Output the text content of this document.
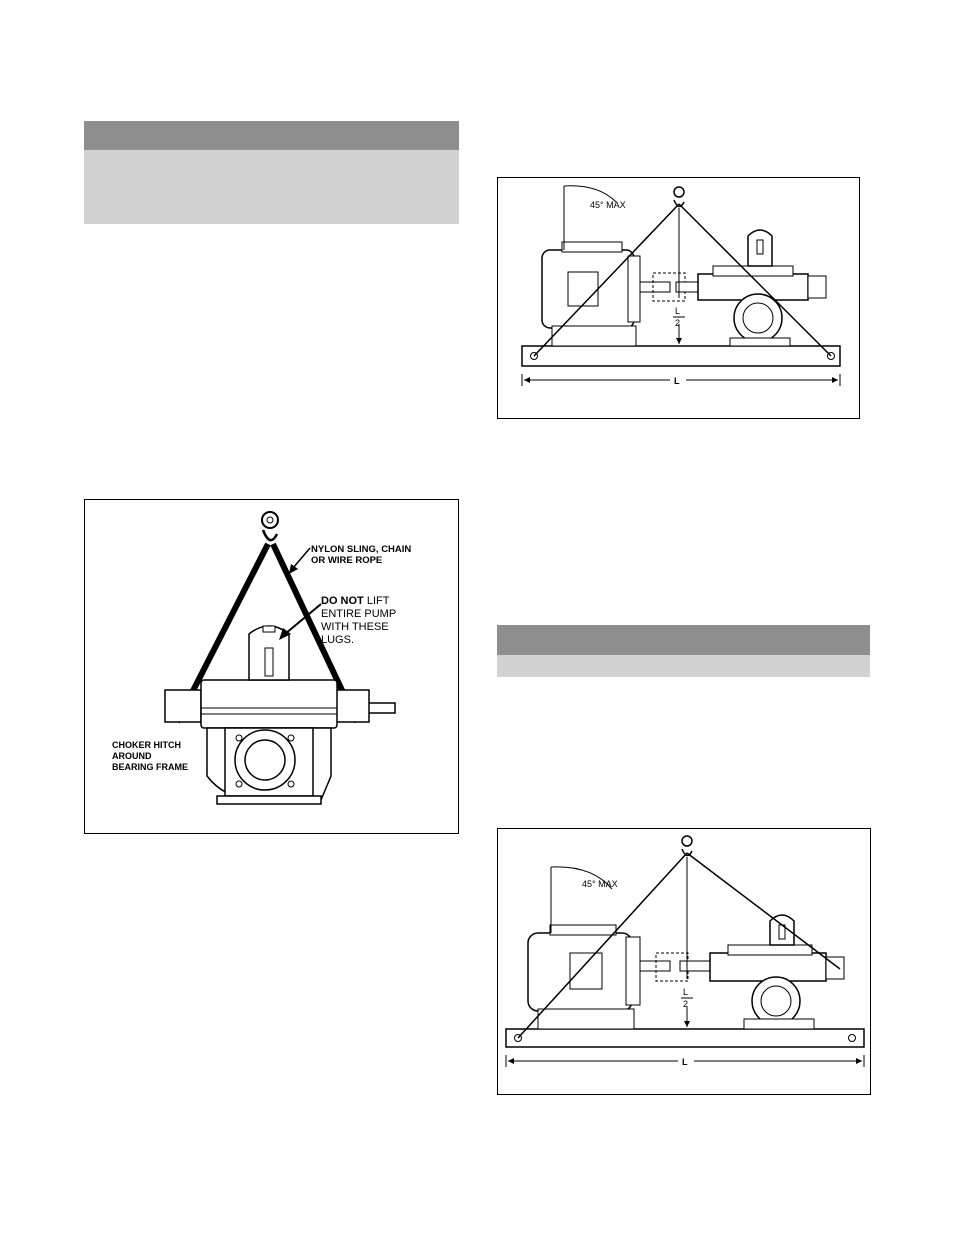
L
2
45° MAX
L
NYLON SLING, CHAIN
OR WIRE ROPE
DO NOT LIFT
ENTIRE PUMP
WITH THESE
LUGS.
CHOKER HITCH
AROUND
BEARING FRAME
L
2
45° MAX
L
